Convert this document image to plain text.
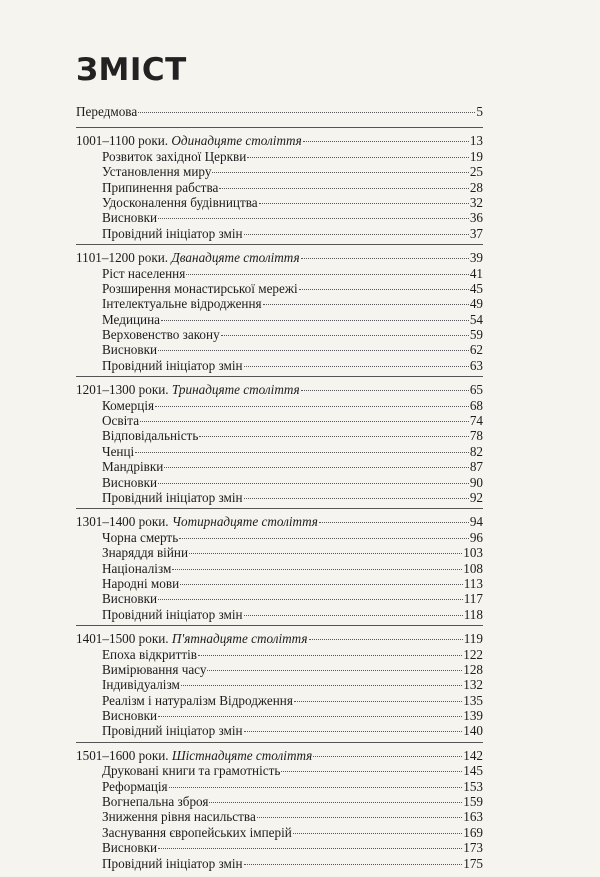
ЗМІСТ
Передмова	5
1001–1100 роки. Одинадцяте століття	13
Розвиток західної Церкви	19
Установлення миру	25
Припинення рабства	28
Удосконалення будівництва	32
Висновки	36
Провідний ініціатор змін	37
1101–1200 роки. Дванадцяте століття	39
Ріст населення	41
Розширення монастирської мережі	45
Інтелектуальне відродження	49
Медицина	54
Верховенство закону	59
Висновки	62
Провідний ініціатор змін	63
1201–1300 роки. Тринадцяте століття	65
Комерція	68
Освіта	74
Відповідальність	78
Ченці	82
Мандрівки	87
Висновки	90
Провідний ініціатор змін	92
1301–1400 роки. Чотирнадцяте століття	94
Чорна смерть	96
Знаряддя війни	103
Націоналізм	108
Народні мови	113
Висновки	117
Провідний ініціатор змін	118
1401–1500 роки. П'ятнадцяте століття	119
Епоха відкриттів	122
Вимірювання часу	128
Індивідуалізм	132
Реалізм і натуралізм Відродження	135
Висновки	139
Провідний ініціатор змін	140
1501–1600 роки. Шістнадцяте століття	142
Друковані книги та грамотність	145
Реформація	153
Вогнепальна зброя	159
Зниження рівня насильства	163
Заснування європейських імперій	169
Висновки	173
Провідний ініціатор змін	175
